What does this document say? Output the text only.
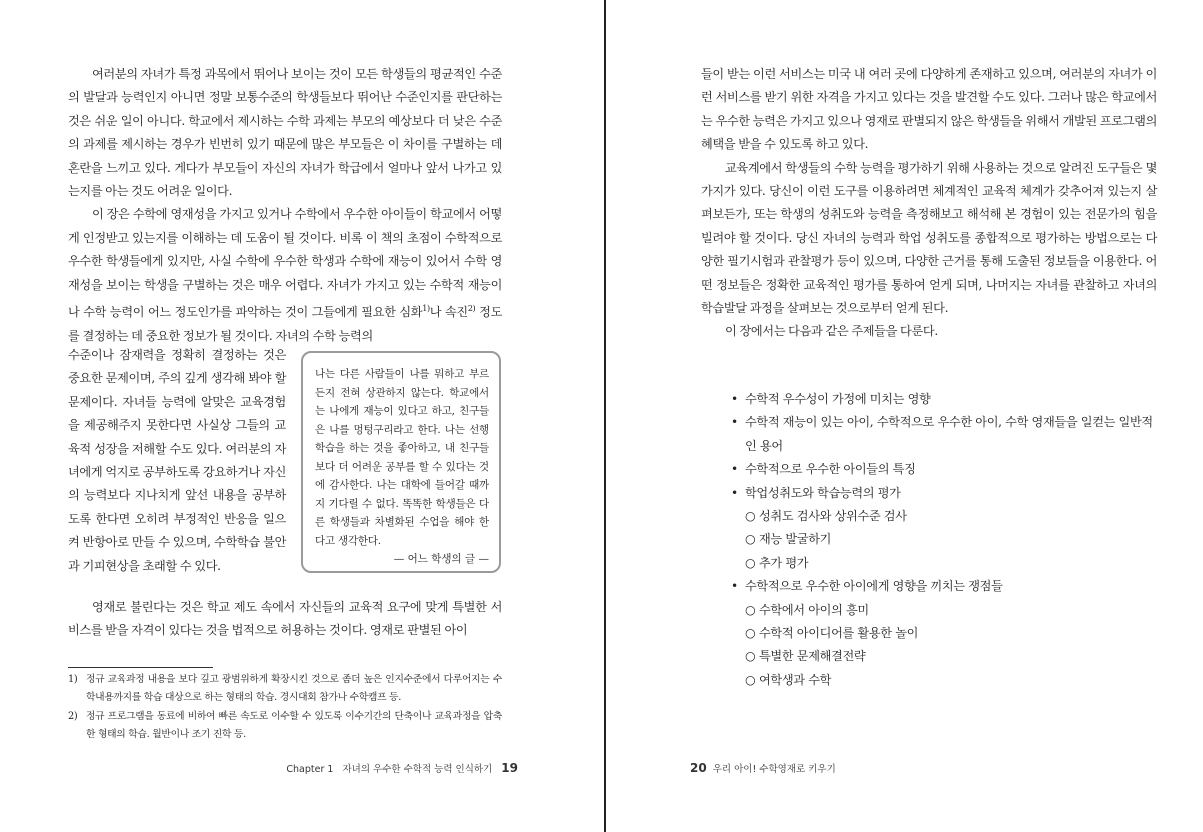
여러분의 자녀가 특정 과목에서 뛰어나 보이는 것이 모든 학생들의 평균적인 수준의 발달과 능력인지 아니면 정말 보통수준의 학생들보다 뛰어난 수준인지를 판단하는 것은 쉬운 일이 아니다. 학교에서 제시하는 수학 과제는 부모의 예상보다 더 낮은 수준의 과제를 제시하는 경우가 빈번히 있기 때문에 많은 부모들은 이 차이를 구별하는 데 혼란을 느끼고 있다. 게다가 부모들이 자신의 자녀가 학급에서 얼마나 앞서 나가고 있는지를 아는 것도 어려운 일이다.

이 장은 수학에 영재성을 가지고 있거나 수학에서 우수한 아이들이 학교에서 어떻게 인정받고 있는지를 이해하는 데 도움이 될 것이다. 비록 이 책의 초점이 수학적으로 우수한 학생들에게 있지만, 사실 수학에 우수한 학생과 수학에 재능이 있어서 수학 영재성을 보이는 학생을 구별하는 것은 매우 어렵다. 자녀가 가지고 있는 수학적 재능이나 수학 능력이 어느 정도인가를 파악하는 것이 그들에게 필요한 심화$^{1)}$나 속진$^{2)}$ 정도를 결정하는 데 중요한 정보가 될 것이다. 자녀의 수학 능력의

수준이나 잠재력을 정확히 결정하는 것은 중요한 문제이며, 주의 깊게 생각해 봐야 할 문제이다. 자녀들 능력에 알맞은 교육경험을 제공해주지 못한다면 사실상 그들의 교육적 성장을 저해할 수도 있다. 여러분의 자녀에게 억지로 공부하도록 강요하거나 자신의 능력보다 지나치게 앞선 내용을 공부하도록 한다면 오히려 부정적인 반응을 일으켜 반항아로 만들 수 있으며, 수학학습 불안과 기피현상을 초래할 수 있다.
나는 다른 사람들이 나를 뭐하고 부르든지 전혀 상관하지 않는다. 학교에서는 나에게 재능이 있다고 하고, 친구들은 나를 멍텅구리라고 한다. 나는 선행학습을 하는 것을 좋아하고, 내 친구들보다 더 어려운 공부를 할 수 있다는 것에 감사한다. 나는 대학에 들어갈 때까지 기다릴 수 없다. 똑똑한 학생들은 다른 학생들과 차별화된 수업을 해야 한다고 생각한다.
— 어느 학생의 글 —

영재로 불린다는 것은 학교 제도 속에서 자신들의 교육적 요구에 맞게 특별한 서비스를 받을 자격이 있다는 것을 법적으로 허용하는 것이다. 영재로 판별된 아이

1) 정규 교육과정 내용을 보다 깊고 광범위하게 확장시킨 것으로 좀더 높은 인지수준에서 다루어지는 수학내용까지를 학습 대상으로 하는 형태의 학습. 경시대회 참가나 수학캠프 등.
2) 정규 프로그램을 동료에 비하여 빠른 속도로 이수할 수 있도록 이수기간의 단축이나 교육과정을 압축한 형태의 학습. 월반이나 조기 진학 등.
Chapter 1 자녀의 우수한 수학적 능력 인식하기 19

들이 받는 이런 서비스는 미국 내 여러 곳에 다양하게 존재하고 있으며, 여러분의 자녀가 이런 서비스를 받기 위한 자격을 가지고 있다는 것을 발견할 수도 있다. 그러나 많은 학교에서는 우수한 능력은 가지고 있으나 영재로 판별되지 않은 학생들을 위해서 개발된 프로그램의 혜택을 받을 수 있도록 하고 있다.

교육계에서 학생들의 수학 능력을 평가하기 위해 사용하는 것으로 알려진 도구들은 몇 가지가 있다. 당신이 이런 도구를 이용하려면 체계적인 교육적 체계가 갖추어져 있는지 살펴보든가, 또는 학생의 성취도와 능력을 측정해보고 해석해 본 경험이 있는 전문가의 힘을 빌려야 할 것이다. 당신 자녀의 능력과 학업 성취도를 종합적으로 평가하는 방법으로는 다양한 필기시험과 관찰평가 등이 있으며, 다양한 근거를 통해 도출된 정보들을 이용한다. 어떤 정보들은 정확한 교육적인 평가를 통하여 얻게 되며, 나머지는 자녀를 관찰하고 자녀의 학습발달 과정을 살펴보는 것으로부터 얻게 된다.

이 장에서는 다음과 같은 주제들을 다룬다.

• 수학적 우수성이 가정에 미치는 영향
• 수학적 재능이 있는 아이, 수학적으로 우수한 아이, 수학 영재들을 일컫는 일반적인 용어
• 수학적으로 우수한 아이들의 특징
• 학업성취도와 학습능력의 평가
○ 성취도 검사와 상위수준 검사
○ 재능 발굴하기
○ 추가 평가
• 수학적으로 우수한 아이에게 영향을 끼치는 쟁점들
○ 수학에서 아이의 흥미
○ 수학적 아이디어를 활용한 놀이
○ 특별한 문제해결전략
○ 여학생과 수학
20 우리 아이! 수학영재로 키우기
